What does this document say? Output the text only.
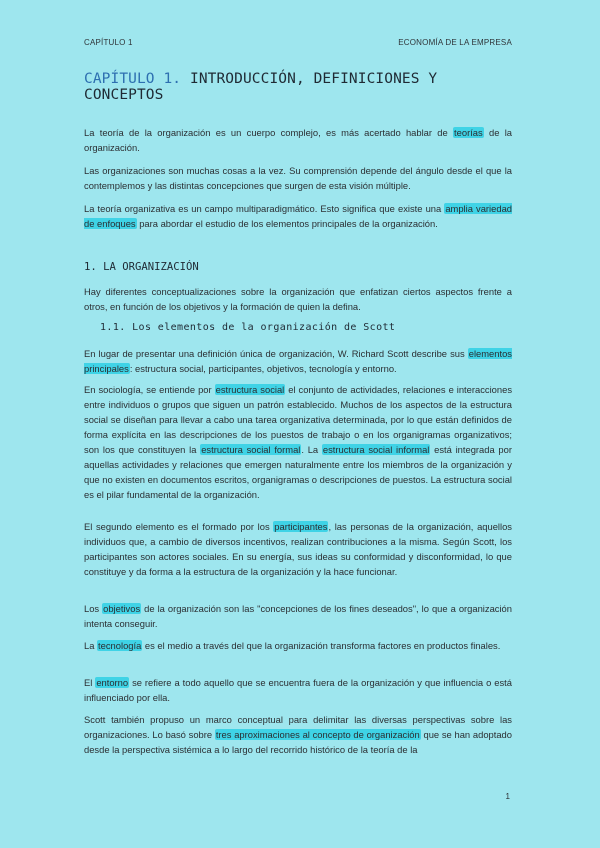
CAPÍTULO 1	ECONOMÍA DE LA EMPRESA
CAPÍTULO 1. INTRODUCCIÓN, DEFINICIONES Y CONCEPTOS

La teoría de la organización es un cuerpo complejo, es más acertado hablar de teorías de la organización.

Las organizaciones son muchas cosas a la vez. Su comprensión depende del ángulo desde el que la contemplemos y las distintas concepciones que surgen de esta visión múltiple.

La teoría organizativa es un campo multiparadigmático. Esto significa que existe una amplia variedad de enfoques para abordar el estudio de los elementos principales de la organización.

1. LA ORGANIZACIÓN

Hay diferentes conceptualizaciones sobre la organización que enfatizan ciertos aspectos frente a otros, en función de los objetivos y la formación de quien la defina.

1.1. Los elementos de la organización de Scott

En lugar de presentar una definición única de organización, W. Richard Scott describe sus elementos principales: estructura social, participantes, objetivos, tecnología y entorno.

En sociología, se entiende por estructura social el conjunto de actividades, relaciones e interacciones entre individuos o grupos que siguen un patrón establecido. Muchos de los aspectos de la estructura social se diseñan para llevar a cabo una tarea organizativa determinada, por lo que están definidos de forma explícita en las descripciones de los puestos de trabajo o en los organigramas organizativos; son los que constituyen la estructura social formal. La estructura social informal está integrada por aquellas actividades y relaciones que emergen naturalmente entre los miembros de la organización y que no existen en documentos escritos, organigramas o descripciones de puestos. La estructura social es el pilar fundamental de la organización.

El segundo elemento es el formado por los participantes, las personas de la organización, aquellos individuos que, a cambio de diversos incentivos, realizan contribuciones a la misma. Según Scott, los participantes son actores sociales. En su energía, sus ideas su conformidad y disconformidad, lo que constituye y da forma a la estructura de la organización y la hace funcionar.

Los objetivos de la organización son las "concepciones de los fines deseados", lo que a organización intenta conseguir.

La tecnología es el medio a través del que la organización transforma factores en productos finales.

El entorno se refiere a todo aquello que se encuentra fuera de la organización y que influencia o está influenciado por ella.

Scott también propuso un marco conceptual para delimitar las diversas perspectivas sobre las organizaciones. Lo basó sobre tres aproximaciones al concepto de organización que se han adoptado desde la perspectiva sistémica a lo largo del recorrido histórico de la teoría de la

1
